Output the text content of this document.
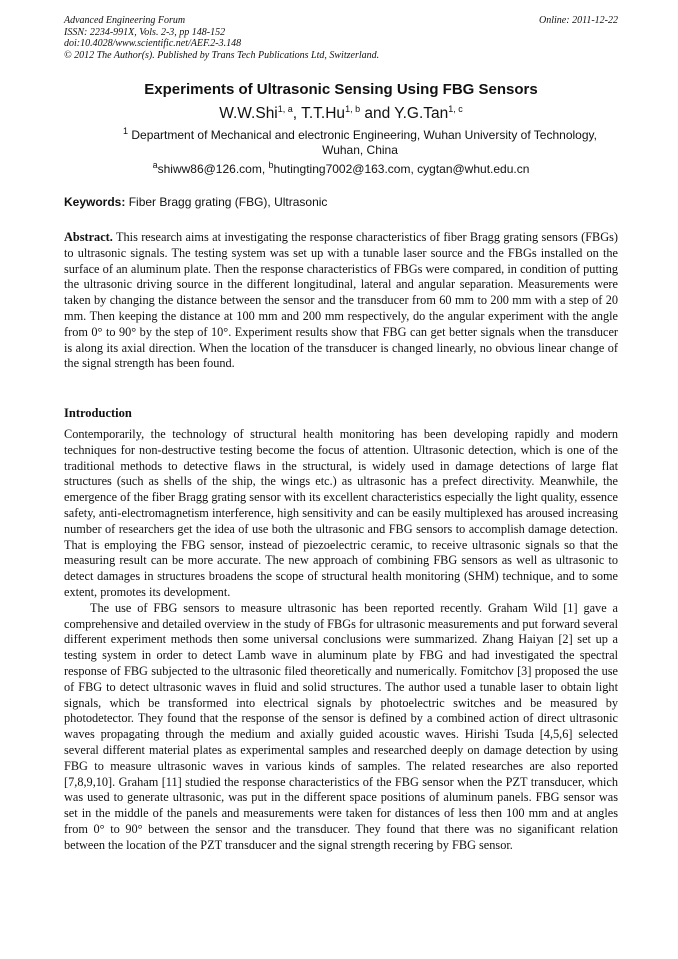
Advanced Engineering Forum
ISSN: 2234-991X, Vols. 2-3, pp 148-152
doi:10.4028/www.scientific.net/AEF.2-3.148
© 2012 The Author(s). Published by Trans Tech Publications Ltd, Switzerland.
Online: 2011-12-22
Experiments of Ultrasonic Sensing Using FBG Sensors
W.W.Shi$^{1, a}$, T.T.Hu$^{1, b}$ and Y.G.Tan$^{1, c}$
$^1$ Department of Mechanical and electronic Engineering, Wuhan University of Technology,
Wuhan, China
$^a$shiww86@126.com, $^b$hutingting7002@163.com, cygtan@whut.edu.cn
Keywords: Fiber Bragg grating (FBG), Ultrasonic
Abstract. This research aims at investigating the response characteristics of fiber Bragg grating sensors (FBGs) to ultrasonic signals. The testing system was set up with a tunable laser source and the FBGs installed on the surface of an aluminum plate. Then the response characteristics of FBGs were compared, in condition of putting the ultrasonic driving source in the different longitudinal, lateral and angular separation. Measurements were taken by changing the distance between the sensor and the transducer from 60 mm to 200 mm with a step of 20 mm. Then keeping the distance at 100 mm and 200 mm respectively, do the angular experiment with the angle from 0° to 90° by the step of 10°. Experiment results show that FBG can get better signals when the transducer is along its axial direction. When the location of the transducer is changed linearly, no obvious linear change of the signal strength has been found.
Introduction

Contemporarily, the technology of structural health monitoring has been developing rapidly and modern techniques for non-destructive testing become the focus of attention. Ultrasonic detection, which is one of the traditional methods to detective flaws in the structural, is widely used in damage detections of large flat structures (such as shells of the ship, the wings etc.) as ultrasonic has a prefect directivity. Meanwhile, the emergence of the fiber Bragg grating sensor with its excellent characteristics especially the light quality, essence safety, anti-electromagnetism interference, high sensitivity and can be easily multiplexed has aroused increasing number of researchers get the idea of use both the ultrasonic and FBG sensors to accomplish damage detection. That is employing the FBG sensor, instead of piezoelectric ceramic, to receive ultrasonic signals so that the measuring result can be more accurate. The new approach of combining FBG sensors as well as ultrasonic to detect damages in structures broadens the scope of structural health monitoring (SHM) technique, and to some extent, promotes its development.

The use of FBG sensors to measure ultrasonic has been reported recently. Graham Wild [1] gave a comprehensive and detailed overview in the study of FBGs for ultrasonic measurements and put forward several different experiment methods then some universal conclusions were summarized. Zhang Haiyan [2] set up a testing system in order to detect Lamb wave in aluminum plate by FBG and had investigated the spectral response of FBG subjected to the ultrasonic filed theoretically and numerically. Fomitchov [3] proposed the use of FBG to detect ultrasonic waves in fluid and solid structures. The author used a tunable laser to obtain light signals, which be transformed into electrical signals by photoelectric switches and be measured by photodetector. They found that the response of the sensor is defined by a combined action of direct ultrasonic waves propagating through the medium and axially guided acoustic waves. Hirishi Tsuda [4,5,6] selected several different material plates as experimental samples and researched deeply on damage detection by using FBG to measure ultrasonic waves in various kinds of samples. The related researches are also reported [7,8,9,10]. Graham [11] studied the response characteristics of the FBG sensor when the PZT transducer, which was used to generate ultrasonic, was put in the different space positions of aluminum panels. FBG sensor was set in the middle of the panels and measurements were taken for distances of less then 100 mm and at angles from 0° to 90° between the sensor and the transducer. They found that there was no siganificant relation between the location of the PZT transducer and the signal strength recering by FBG sensor.
